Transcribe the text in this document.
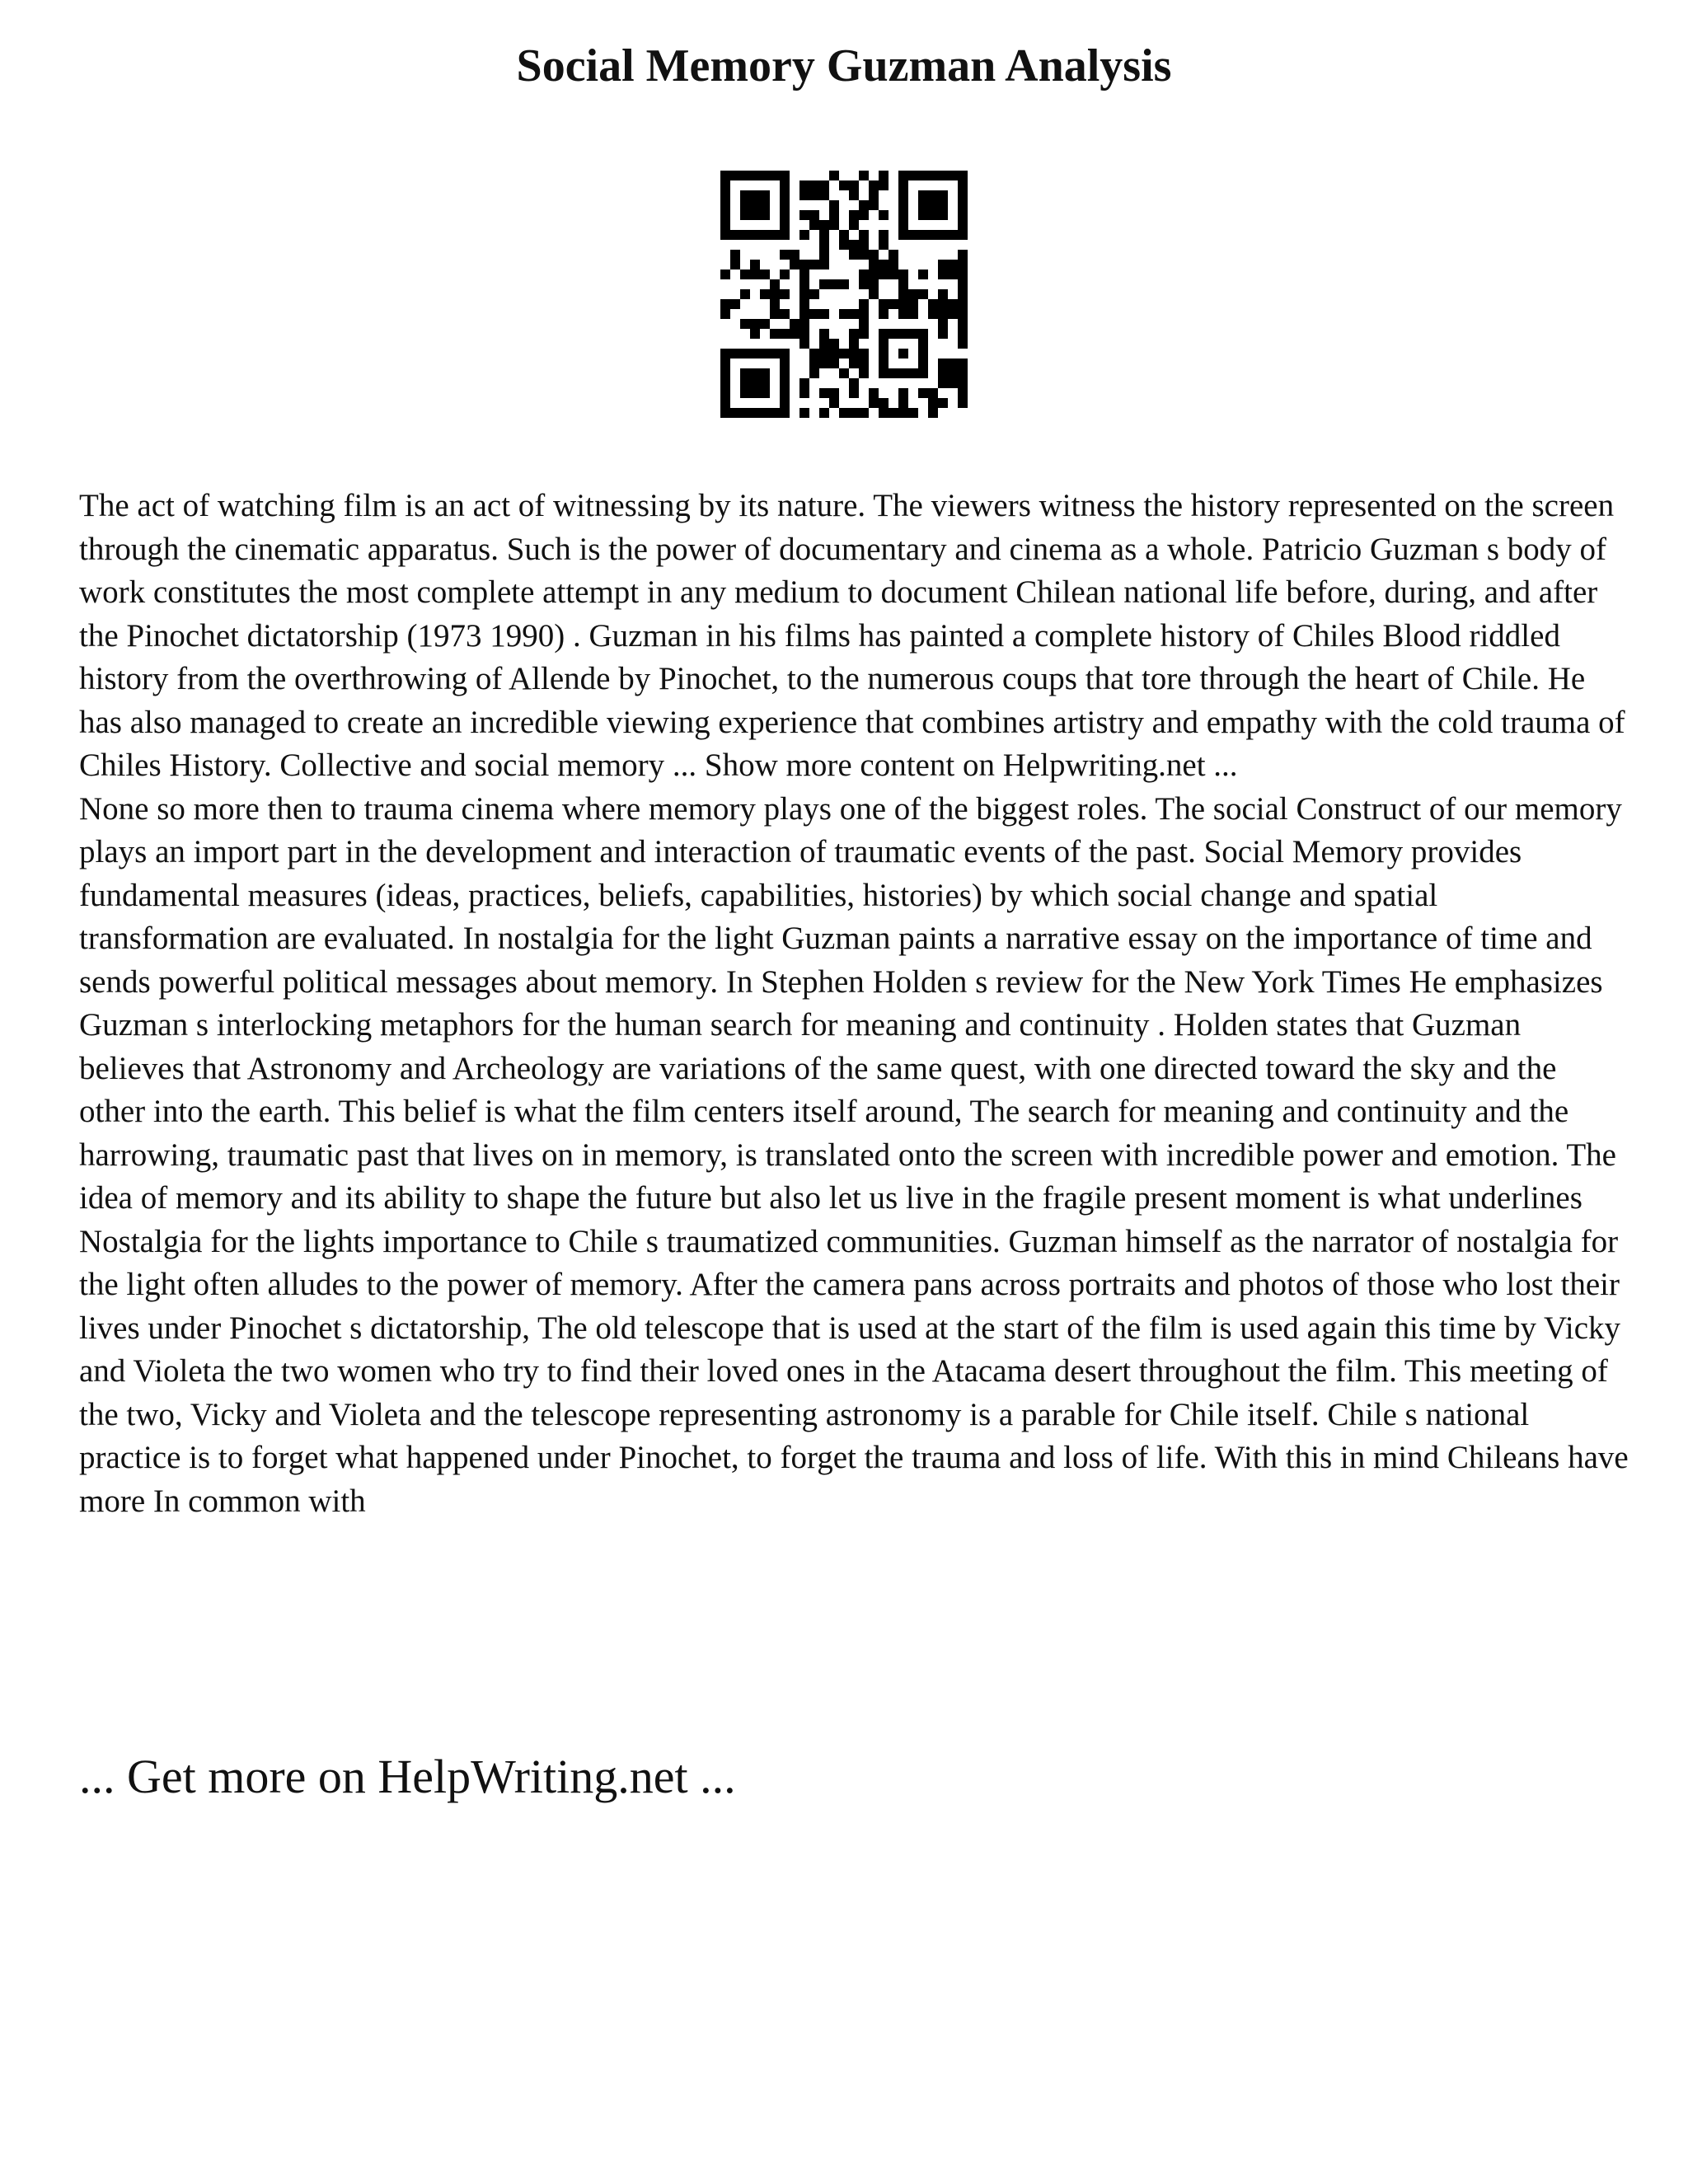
Social Memory Guzman Analysis

The act of watching film is an act of witnessing by its nature. The viewers witness the history represented on the screen through the cinematic apparatus. Such is the power of documentary and cinema as a whole. Patricio Guzman s body of work constitutes the most complete attempt in any medium to document Chilean national life before, during, and after the Pinochet dictatorship (1973 1990) . Guzman in his films has painted a complete history of Chiles Blood riddled history from the overthrowing of Allende by Pinochet, to the numerous coups that tore through the heart of Chile. He has also managed to create an incredible viewing experience that combines artistry and empathy with the cold trauma of Chiles History. Collective and social memory ... Show more content on Helpwriting.net ...

None so more then to trauma cinema where memory plays one of the biggest roles. The social Construct of our memory plays an import part in the development and interaction of traumatic events of the past. Social Memory provides fundamental measures (ideas, practices, beliefs, capabilities, histories) by which social change and spatial transformation are evaluated. In nostalgia for the light Guzman paints a narrative essay on the importance of time and sends powerful political messages about memory. In Stephen Holden s review for the New York Times He emphasizes Guzman s interlocking metaphors for the human search for meaning and continuity . Holden states that Guzman believes that Astronomy and Archeology are variations of the same quest, with one directed toward the sky and the other into the earth. This belief is what the film centers itself around, The search for meaning and continuity and the harrowing, traumatic past that lives on in memory, is translated onto the screen with incredible power and emotion. The idea of memory and its ability to shape the future but also let us live in the fragile present moment is what underlines Nostalgia for the lights importance to Chile s traumatized communities. Guzman himself as the narrator of nostalgia for the light often alludes to the power of memory. After the camera pans across portraits and photos of those who lost their lives under Pinochet s dictatorship, The old telescope that is used at the start of the film is used again this time by Vicky and Violeta the two women who try to find their loved ones in the Atacama desert throughout the film. This meeting of the two, Vicky and Violeta and the telescope representing astronomy is a parable for Chile itself. Chile s national practice is to forget what happened under Pinochet, to forget the trauma and loss of life. With this in mind Chileans have more In common with

... Get more on HelpWriting.net ...
